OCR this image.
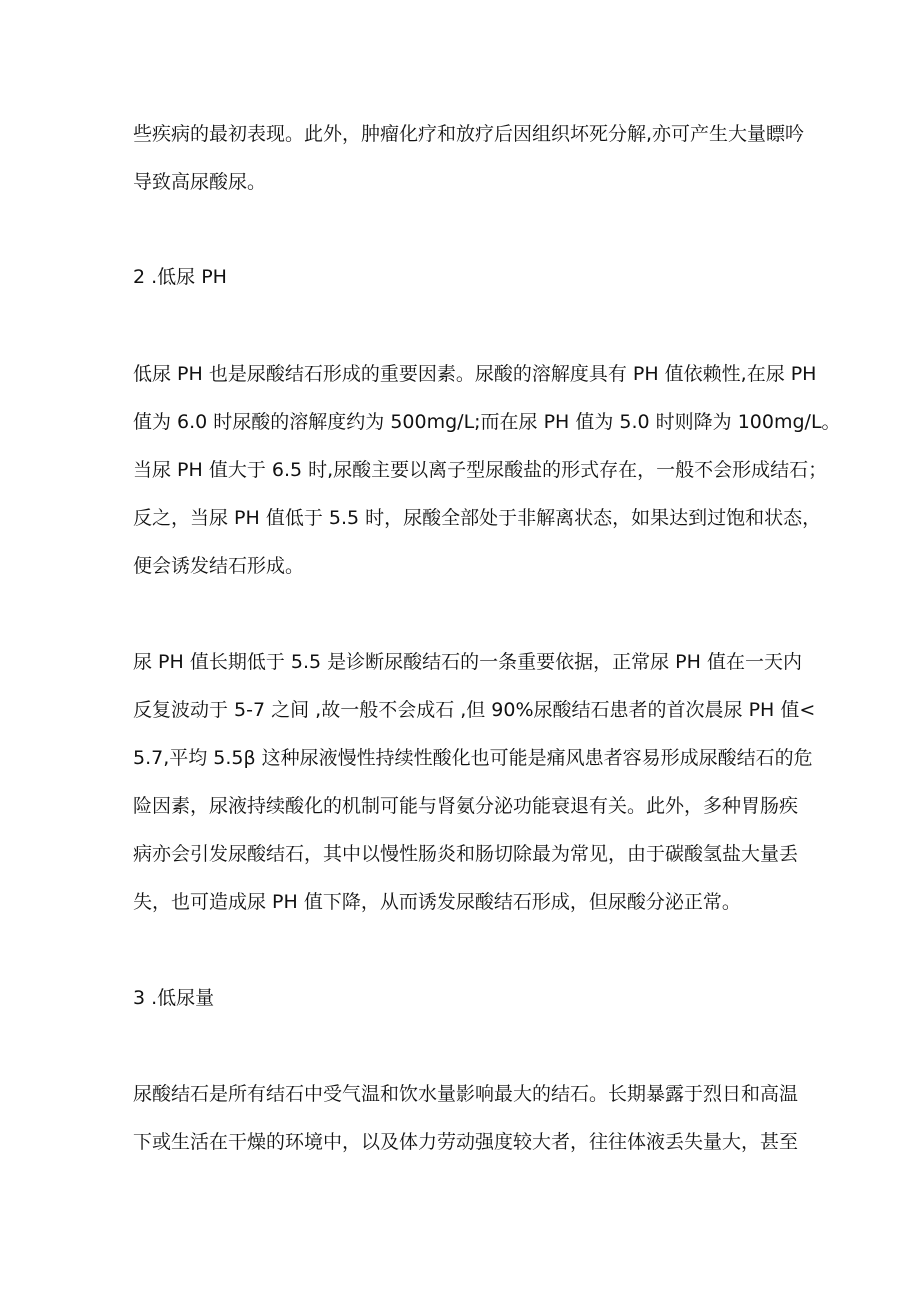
些疾病的最初表现。此外，肿瘤化疗和放疗后因组织坏死分解,亦可产生大量瞟吟
导致高尿酸尿。
2 .低尿 PH
低尿 PH 也是尿酸结石形成的重要因素。尿酸的溶解度具有 PH 值依赖性,在尿 PH
值为 6.0 时尿酸的溶解度约为 500mg∕L;而在尿 PH 值为 5.0 时则降为 100mg∕L。
当尿 PH 值大于 6.5 时,尿酸主要以离子型尿酸盐的形式存在，一般不会形成结石；
反之，当尿 PH 值低于 5.5 时，尿酸全部处于非解离状态，如果达到过饱和状态，
便会诱发结石形成。
尿 PH 值长期低于 5.5 是诊断尿酸结石的一条重要依据，正常尿 PH 值在一天内
反复波动于 5-7 之间 ,故一般不会成石 ,但 90%尿酸结石患者的首次晨尿 PH 值<
5.7,平均 5.5β 这种尿液慢性持续性酸化也可能是痛风患者容易形成尿酸结石的危
险因素，尿液持续酸化的机制可能与肾氨分泌功能衰退有关。此外，多种胃肠疾
病亦会引发尿酸结石，其中以慢性肠炎和肠切除最为常见，由于碳酸氢盐大量丢
失，也可造成尿 PH 值下降，从而诱发尿酸结石形成，但尿酸分泌正常。
3 .低尿量
尿酸结石是所有结石中受气温和饮水量影响最大的结石。长期暴露于烈日和高温
下或生活在干燥的环境中，以及体力劳动强度较大者，往往体液丢失量大，甚至
